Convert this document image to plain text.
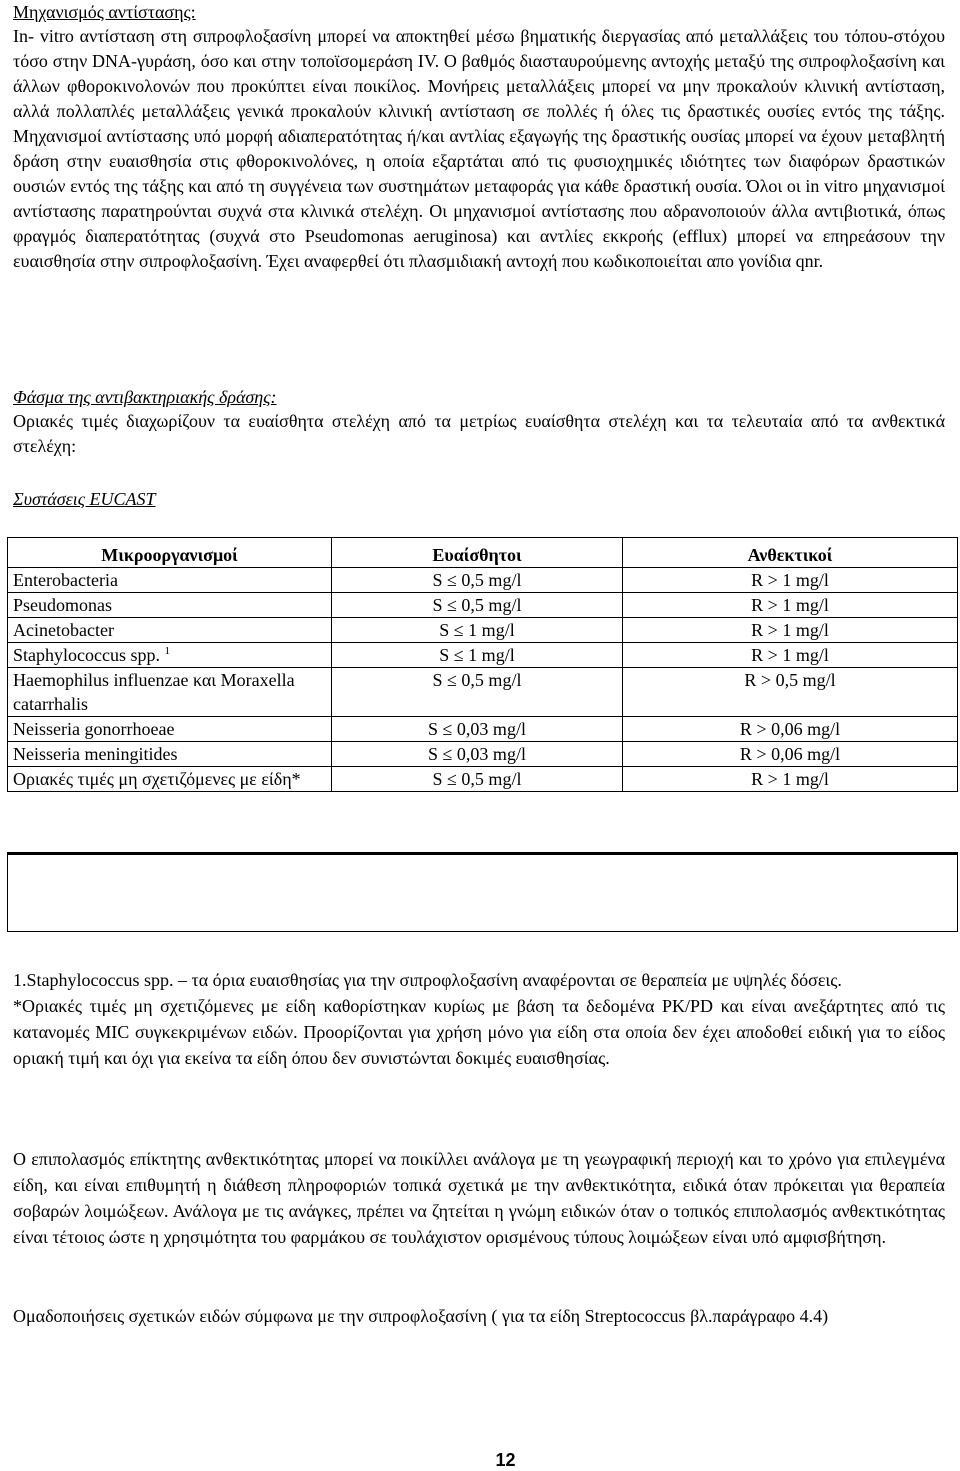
Μηχανισμός αντίστασης:

In- vitro αντίσταση στη σιπροφλοξασίνη μπορεί να αποκτηθεί μέσω βηματικής διεργασίας από μεταλλάξεις του τόπου-στόχου τόσο στην DNA-γυράση, όσο και στην τοποϊσομεράση IV. Ο βαθμός διασταυρούμενης αντοχής μεταξύ της σιπροφλοξασίνη και άλλων φθοροκινολονών που προκύπτει είναι ποικίλος. Μονήρεις μεταλλάξεις μπορεί να μην προκαλούν κλινική αντίσταση, αλλά πολλαπλές μεταλλάξεις γενικά προκαλούν κλινική αντίσταση σε πολλές ή όλες τις δραστικές ουσίες εντός της τάξης. Μηχανισμοί αντίστασης υπό μορφή αδιαπερατότητας ή/και αντλίας εξαγωγής της δραστικής ουσίας μπορεί να έχουν μεταβλητή δράση στην ευαισθησία στις φθοροκινολόνες, η οποία εξαρτάται από τις φυσιοχημικές ιδιότητες των διαφόρων δραστικών ουσιών εντός της τάξης και από τη συγγένεια των συστημάτων μεταφοράς για κάθε δραστική ουσία. Όλοι οι in vitro μηχανισμοί αντίστασης παρατηρούνται συχνά στα κλινικά στελέχη. Οι μηχανισμοί αντίστασης που αδρανοποιούν άλλα αντιβιοτικά, όπως φραγμός διαπερατότητας (συχνά στο Pseudomonas aeruginosa) και αντλίες εκκροής (efflux) μπορεί να επηρεάσουν την ευαισθησία στην σιπροφλοξασίνη. Έχει αναφερθεί ότι πλασμιδιακή αντοχή που κωδικοποιείται απο γονίδια qnr.

Φάσμα της αντιβακτηριακής δράσης:

Οριακές τιμές διαχωρίζουν τα ευαίσθητα στελέχη από τα μετρίως ευαίσθητα στελέχη και τα τελευταία από τα ανθεκτικά στελέχη:

Συστάσεις EUCAST

Μικροοργανισμοί	Ευαίσθητοι	Ανθεκτικοί
Enterobacteria	S ≤ 0,5 mg/l	R > 1 mg/l
Pseudomonas	S ≤ 0,5 mg/l	R > 1 mg/l
Acinetobacter	S ≤ 1 mg/l	R > 1 mg/l
Staphylococcus spp. $^1$	S ≤ 1 mg/l	R > 1 mg/l
Haemophilus influenzae και Moraxella catarrhalis	S ≤ 0,5 mg/l	R > 0,5 mg/l
Neisseria gonorrhoeae	S ≤ 0,03 mg/l	R > 0,06 mg/l
Neisseria meningitides	S ≤ 0,03 mg/l	R > 0,06 mg/l
Οριακές τιμές μη σχετιζόμενες με είδη*	S ≤ 0,5 mg/l	R > 1 mg/l

1.Staphylococcus spp. – τα όρια ευαισθησίας για την σιπροφλοξασίνη αναφέρονται σε θεραπεία με υψηλές δόσεις.

*Οριακές τιμές μη σχετιζόμενες με είδη καθορίστηκαν κυρίως με βάση τα δεδομένα PK/PD και είναι ανεξάρτητες από τις κατανομές MIC συγκεκριμένων ειδών. Προορίζονται για χρήση μόνο για είδη στα οποία δεν έχει αποδοθεί ειδική για το είδος οριακή τιμή και όχι για εκείνα τα είδη όπου δεν συνιστώνται δοκιμές ευαισθησίας.

Ο επιπολασμός επίκτητης ανθεκτικότητας μπορεί να ποικίλλει ανάλογα με τη γεωγραφική περιοχή και το χρόνο για επιλεγμένα είδη, και είναι επιθυμητή η διάθεση πληροφοριών τοπικά σχετικά με την ανθεκτικότητα, ειδικά όταν πρόκειται για θεραπεία σοβαρών λοιμώξεων. Ανάλογα με τις ανάγκες, πρέπει να ζητείται η γνώμη ειδικών όταν ο τοπικός επιπολασμός ανθεκτικότητας είναι τέτοιος ώστε η χρησιμότητα του φαρμάκου σε τουλάχιστον ορισμένους τύπους λοιμώξεων είναι υπό αμφισβήτηση.

Ομαδοποιήσεις σχετικών ειδών σύμφωνα με την σιπροφλοξασίνη ( για τα είδη Streptococcus βλ.παράγραφο 4.4)

12
